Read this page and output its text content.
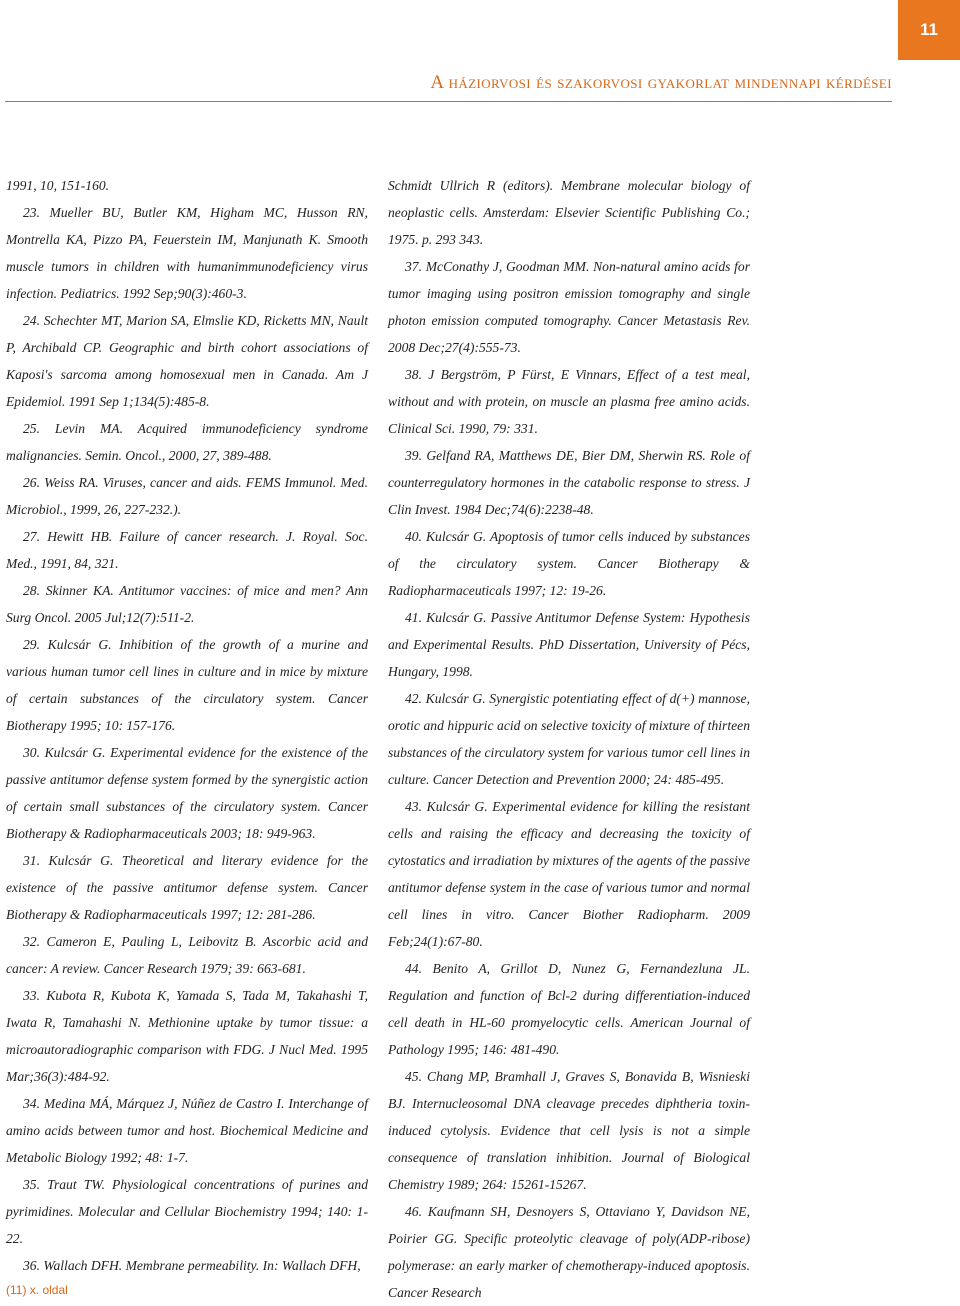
11
A háziorvosi és szakorvosi gyakorlat mindennapi kérdései

1991, 10, 151-160.

23. Mueller BU, Butler KM, Higham MC, Husson RN, Montrella KA, Pizzo PA, Feuerstein IM, Manjunath K. Smooth muscle tumors in children with humanimmunodeficiency virus infection. Pediatrics. 1992 Sep;90(3):460-3.

24. Schechter MT, Marion SA, Elmslie KD, Ricketts MN, Nault P, Archibald CP. Geographic and birth cohort associations of Kaposi's sarcoma among homosexual men in Canada. Am J Epidemiol. 1991 Sep 1;134(5):485-8.

25. Levin MA. Acquired immunodeficiency syndrome malignancies. Semin. Oncol., 2000, 27, 389-488.

26. Weiss RA. Viruses, cancer and aids. FEMS Immunol. Med. Microbiol., 1999, 26, 227-232.).

27. Hewitt HB. Failure of cancer research. J. Royal. Soc. Med., 1991, 84, 321.

28. Skinner KA. Antitumor vaccines: of mice and men? Ann Surg Oncol. 2005 Jul;12(7):511-2.

29. Kulcsár G. Inhibition of the growth of a murine and various human tumor cell lines in culture and in mice by mixture of certain substances of the circulatory system. Cancer Biotherapy 1995; 10: 157-176.

30. Kulcsár G. Experimental evidence for the existence of the passive antitumor defense system formed by the synergistic action of certain small substances of the circulatory system. Cancer Biotherapy & Radiopharmaceuticals 2003; 18: 949-963.

31. Kulcsár G. Theoretical and literary evidence for the existence of the passive antitumor defense system. Cancer Biotherapy & Radiopharmaceuticals 1997; 12: 281-286.

32. Cameron E, Pauling L, Leibovitz B. Ascorbic acid and cancer: A review. Cancer Research 1979; 39: 663-681.

33. Kubota R, Kubota K, Yamada S, Tada M, Takahashi T, Iwata R, Tamahashi N. Methionine uptake by tumor tissue: a microautoradiographic comparison with FDG. J Nucl Med. 1995 Mar;36(3):484-92.

34. Medina MÁ, Márquez J, Núñez de Castro I. Interchange of amino acids between tumor and host. Biochemical Medicine and Metabolic Biology 1992; 48: 1-7.

35. Traut TW. Physiological concentrations of purines and pyrimidines. Molecular and Cellular Biochemistry 1994; 140: 1-22.

36. Wallach DFH. Membrane permeability. In: Wallach DFH,

Schmidt Ullrich R (editors). Membrane molecular biology of neoplastic cells. Amsterdam: Elsevier Scientific Publishing Co.; 1975. p. 293 343.

37. McConathy J, Goodman MM. Non-natural amino acids for tumor imaging using positron emission tomography and single photon emission computed tomography. Cancer Metastasis Rev. 2008 Dec;27(4):555-73.

38. J Bergström, P Fürst, E Vinnars, Effect of a test meal, without and with protein, on muscle an plasma free amino acids. Clinical Sci. 1990, 79: 331.

39. Gelfand RA, Matthews DE, Bier DM, Sherwin RS. Role of counterregulatory hormones in the catabolic response to stress. J Clin Invest. 1984 Dec;74(6):2238-48.

40. Kulcsár G. Apoptosis of tumor cells induced by substances of the circulatory system. Cancer Biotherapy & Radiopharmaceuticals 1997; 12: 19-26.

41. Kulcsár G. Passive Antitumor Defense System: Hypothesis and Experimental Results. PhD Dissertation, University of Pécs, Hungary, 1998.

42. Kulcsár G. Synergistic potentiating effect of d(+) mannose, orotic and hippuric acid on selective toxicity of mixture of thirteen substances of the circulatory system for various tumor cell lines in culture. Cancer Detection and Prevention 2000; 24: 485-495.

43. Kulcsár G. Experimental evidence for killing the resistant cells and raising the efficacy and decreasing the toxicity of cytostatics and irradiation by mixtures of the agents of the passive antitumor defense system in the case of various tumor and normal cell lines in vitro. Cancer Biother Radiopharm. 2009 Feb;24(1):67-80.

44. Benito A, Grillot D, Nunez G, Fernandezluna JL. Regulation and function of Bcl-2 during differentiation-induced cell death in HL-60 promyelocytic cells. American Journal of Pathology 1995; 146: 481-490.

45. Chang MP, Bramhall J, Graves S, Bonavida B, Wisnieski BJ. Internucleosomal DNA cleavage precedes diphtheria toxin-induced cytolysis. Evidence that cell lysis is not a simple consequence of translation inhibition. Journal of Biological Chemistry 1989; 264: 15261-15267.

46. Kaufmann SH, Desnoyers S, Ottaviano Y, Davidson NE, Poirier GG. Specific proteolytic cleavage of poly(ADP-ribose) polymerase: an early marker of chemotherapy-induced apoptosis. Cancer Research

(11) x. oldal
